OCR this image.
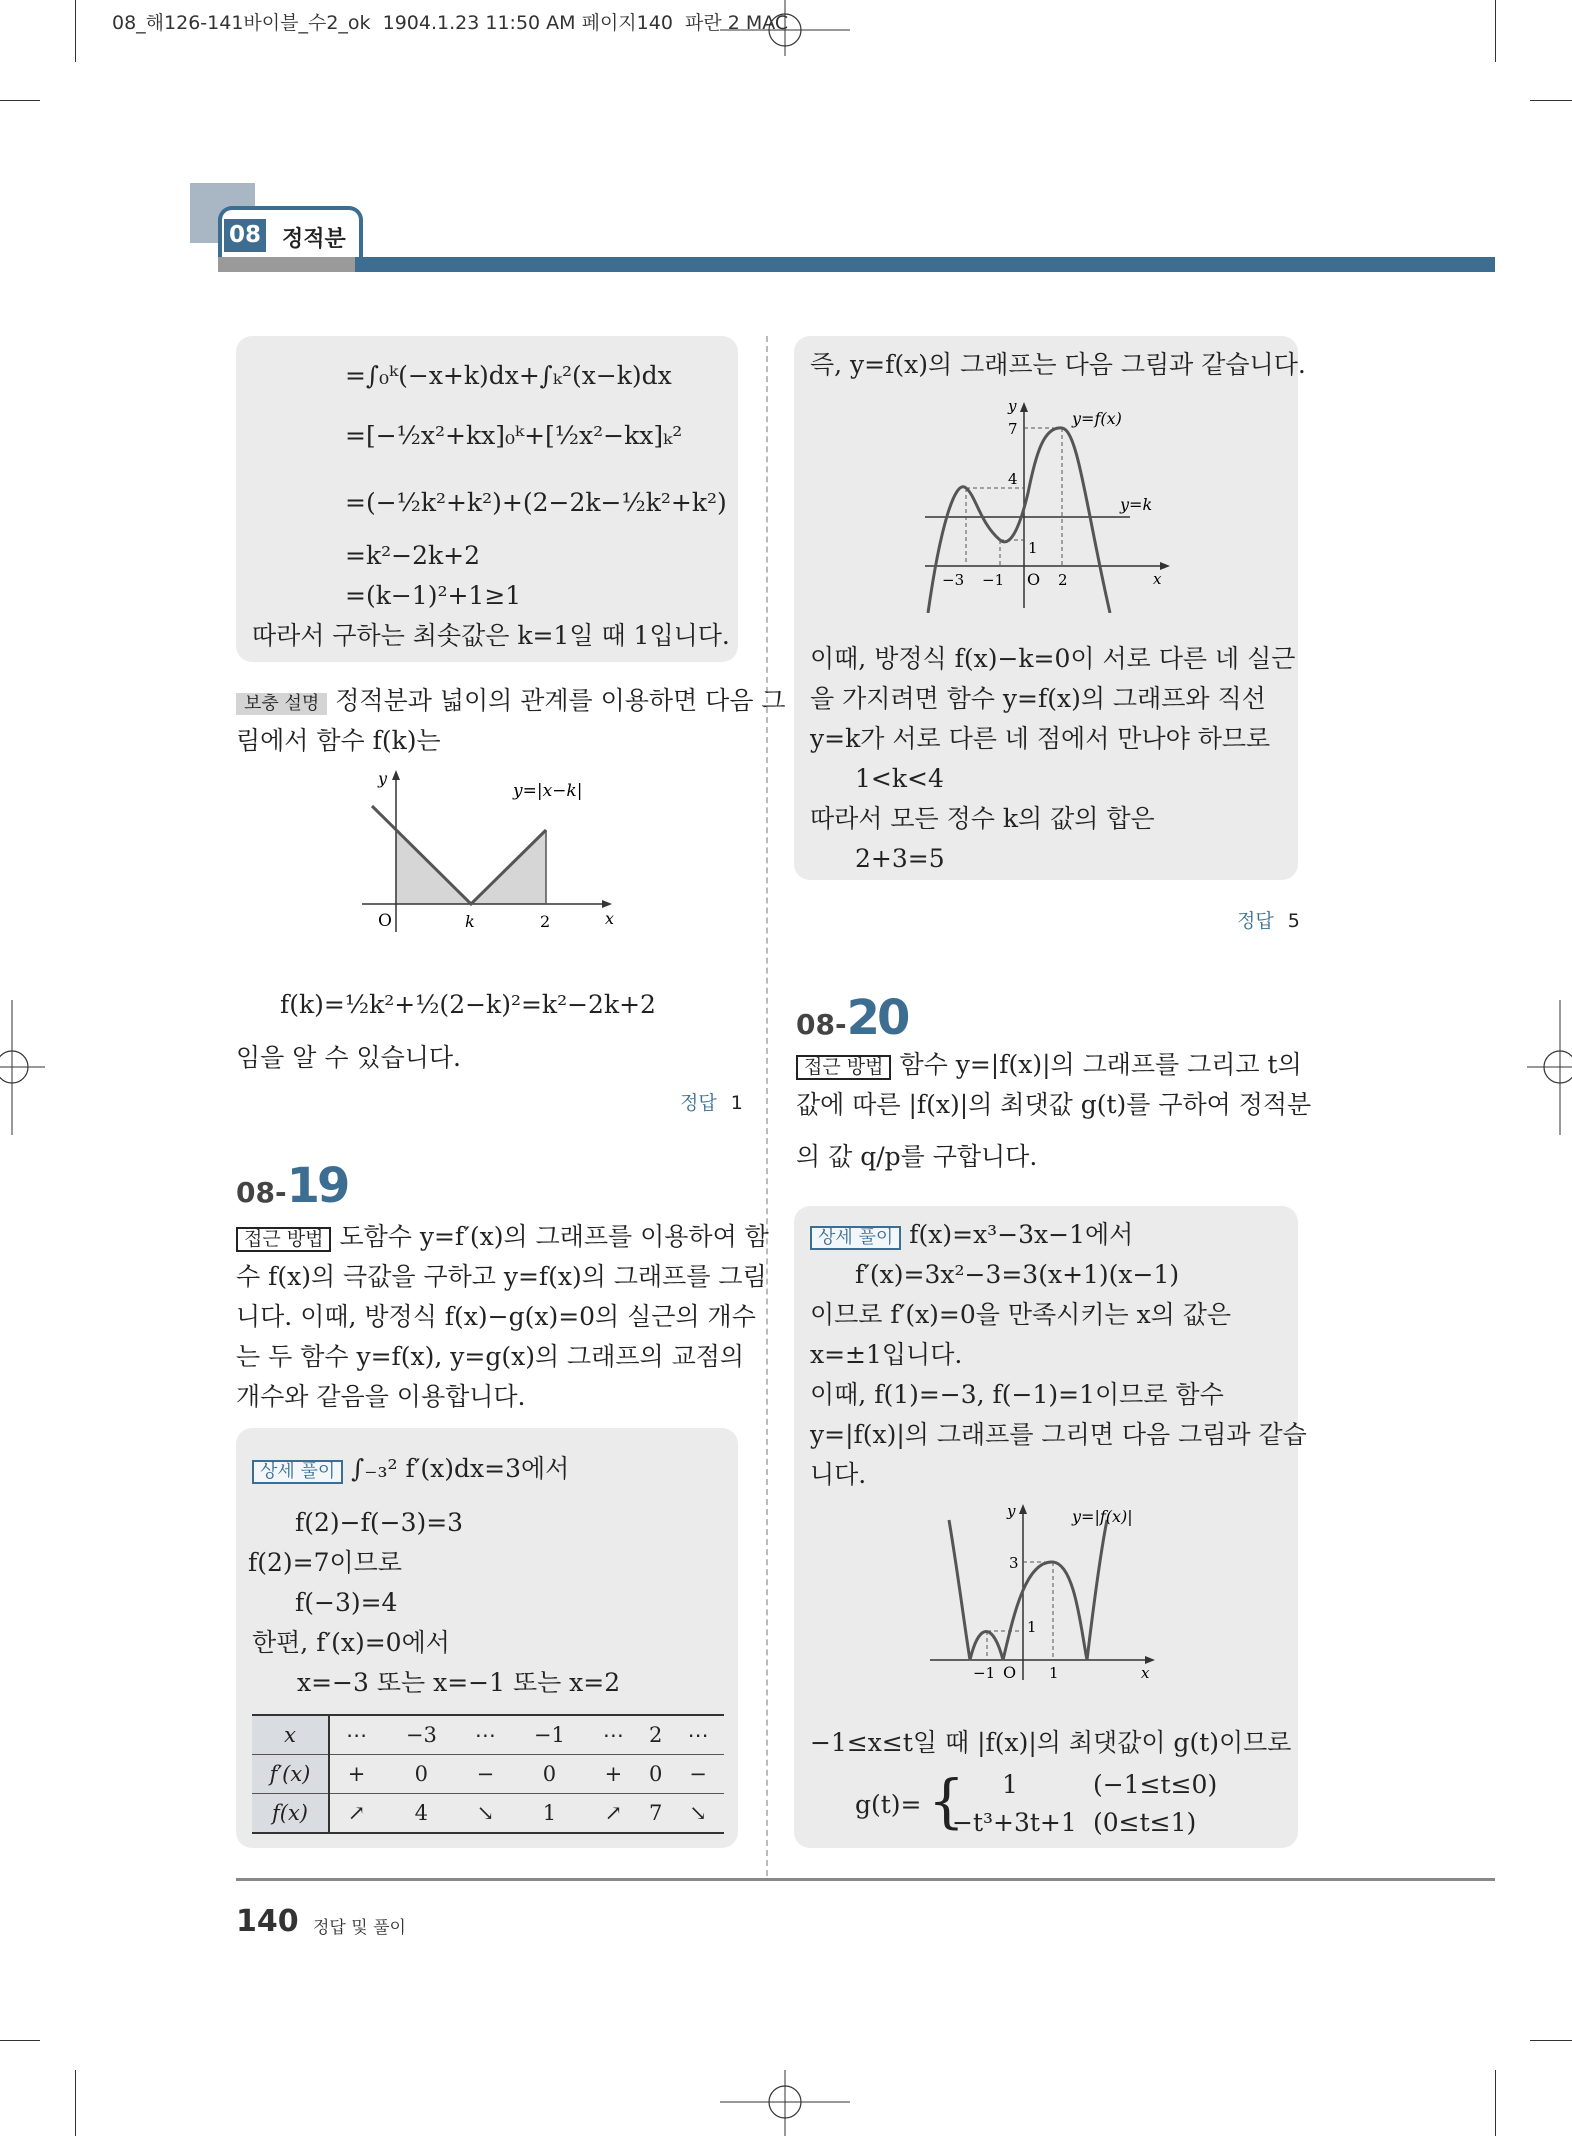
08_해126-141바이블_수2_ok  1904.1.23 11:50 AM 페이지140  파란 2 MAC
08 정적분
=∫₀ᵏ(−x+k)dx+∫ₖ²(x−k)dx
=[−½x²+kx]₀ᵏ+[½x²−kx]ₖ²
=(−½k²+k²)+(2−2k−½k²+k²)
=k²−2k+2
=(k−1)²+1≥1
따라서 구하는 최솟값은 k=1일 때 1입니다.
보충 설명 정적분과 넓이의 관계를 이용하면 다음 그
림에서 함수 f(k)는
y
x
O	k	2
y=|x−k|
f(k)=½k²+½(2−k)²=k²−2k+2
임을 알 수 있습니다.
정답 1
08-19
접근 방법 도함수 y=f′(x)의 그래프를 이용하여 함
수 f(x)의 극값을 구하고 y=f(x)의 그래프를 그림
니다. 이때, 방정식 f(x)−g(x)=0의 실근의 개수
는 두 함수 y=f(x), y=g(x)의 그래프의 교점의
개수와 같음을 이용합니다.
상세 풀이 ∫₋₃² f′(x)dx=3에서
f(2)−f(−3)=3
f(2)=7이므로
f(−3)=4
한편, f′(x)=0에서
x=−3 또는 x=−1 또는 x=2
x	⋯	−3	⋯	−1	⋯	2	⋯
f′(x)	+	0	−	0	+	0	−
f(x)	↗	4	↘	1	↗	7	↘
즉, y=f(x)의 그래프는 다음 그림과 같습니다.
y
7
4
1
−3 −1 O 2	x
y=f(x)
y=k
이때, 방정식 f(x)−k=0이 서로 다른 네 실근
을 가지려면 함수 y=f(x)의 그래프와 직선
y=k가 서로 다른 네 점에서 만나야 하므로
1<k<4
따라서 모든 정수 k의 값의 합은
2+3=5
정답 5
08-20
접근 방법 함수 y=|f(x)|의 그래프를 그리고 t의
값에 따른 |f(x)|의 최댓값 g(t)를 구하여 정적분
의 값 q/p를 구합니다.
상세 풀이 f(x)=x³−3x−1에서
f′(x)=3x²−3=3(x+1)(x−1)
이므로 f′(x)=0을 만족시키는 x의 값은
x=±1입니다.
이때, f(1)=−3, f(−1)=1이므로 함수
y=|f(x)|의 그래프를 그리면 다음 그림과 같습
니다.
y
3
1
−1 O 1	x
y=|f(x)|
−1≤x≤t일 때 |f(x)|의 최댓값이 g(t)이므로
g(t)= { 1	(−1≤t≤0)
−t³+3t+1 (0≤t≤1)
140 정답 및 풀이
